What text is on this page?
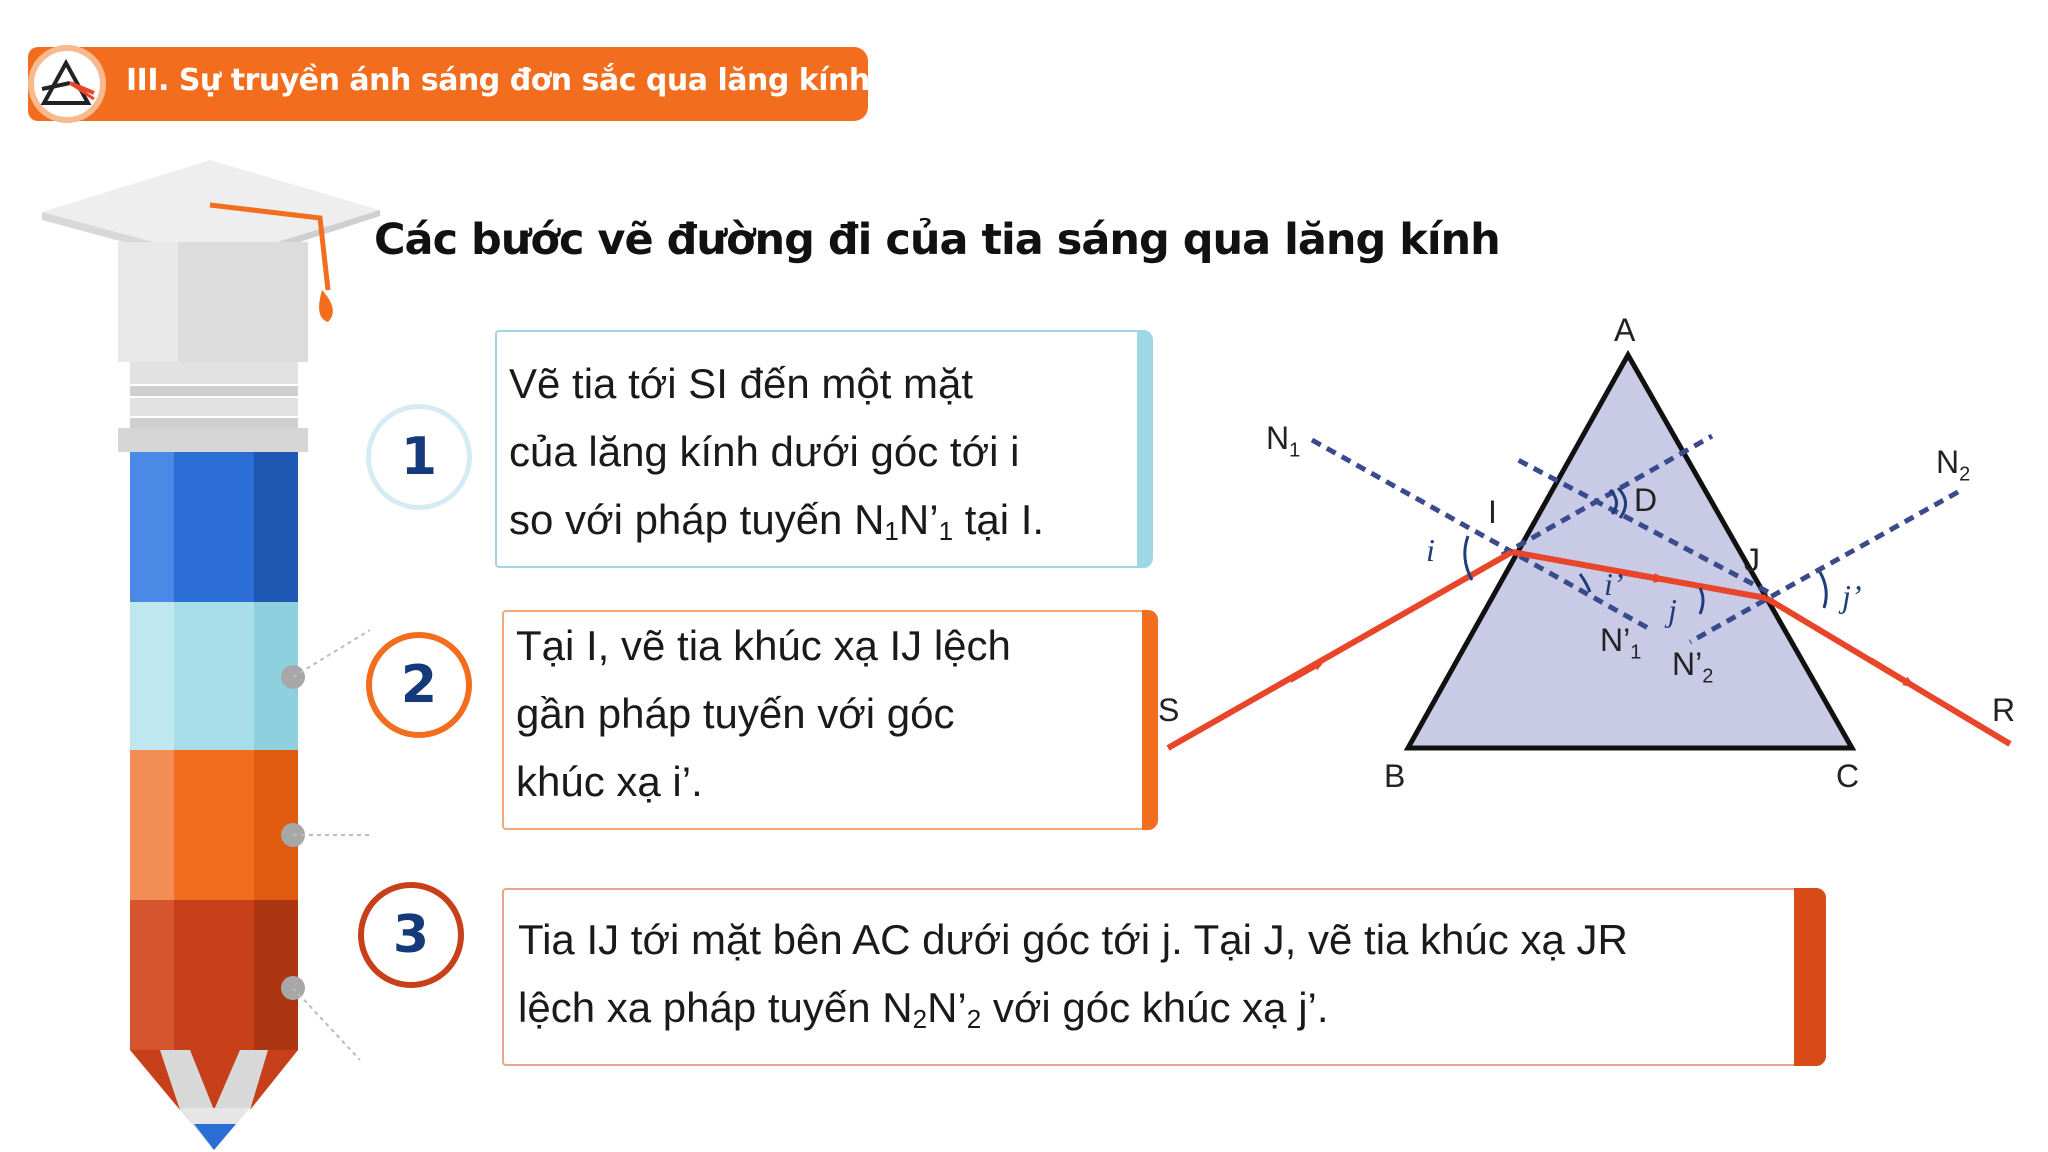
III. Sự truyền ánh sáng đơn sắc qua lăng kính
Các bước vẽ đường đi của tia sáng qua lăng kính
1
2
3
Vẽ tia tới SI đến một mặt
của lăng kính dưới góc tới i
so với pháp tuyến $N_1N’_1$ tại I.
Tại I, vẽ tia khúc xạ IJ lệch
gần pháp tuyến với góc
khúc xạ i’.
Tia IJ tới mặt bên AC dưới góc tới j. Tại J, vẽ tia khúc xạ JR
lệch xa pháp tuyến $N_2N’_2$ với góc khúc xạ j’.
A
B	C
D
I
J
S	R
$N_1$
$N’_1$
$N_2$
$N’_2$
i
i’
j	j’
